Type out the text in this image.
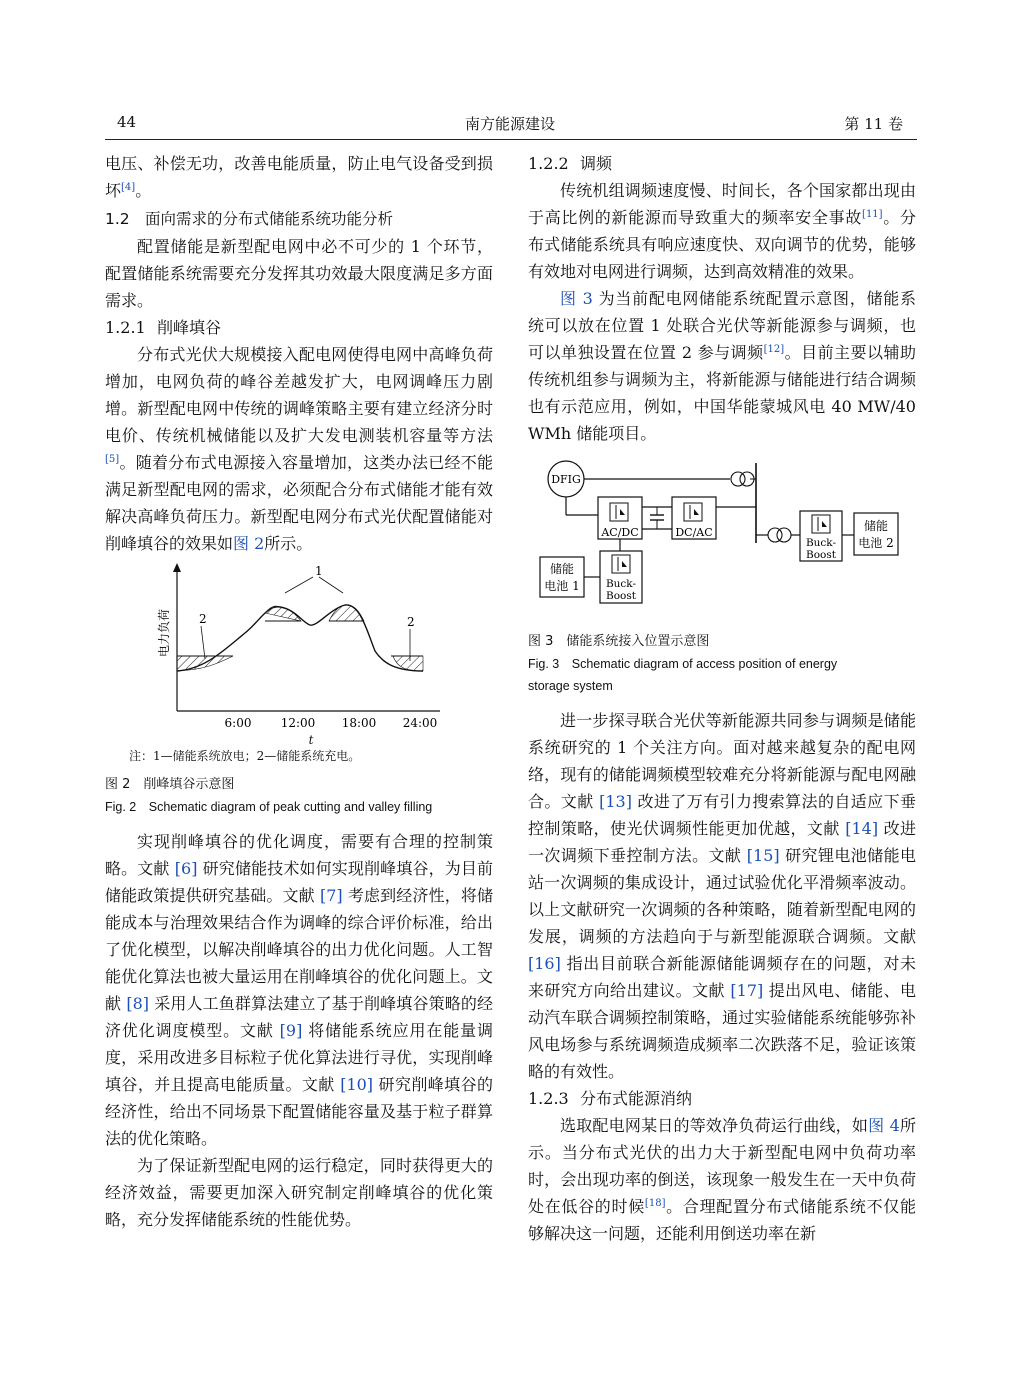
44	南方能源建设	第 11 卷

电压、补偿无功，改善电能质量，防止电气设备受到损坏[4]。

1.2 面向需求的分布式储能系统功能分析

配置储能是新型配电网中必不可少的 1 个环节，配置储能系统需要充分发挥其功效最大限度满足多方面需求。

1.2.1 削峰填谷

分布式光伏大规模接入配电网使得电网中高峰负荷增加，电网负荷的峰谷差越发扩大，电网调峰压力剧增。新型配电网中传统的调峰策略主要有建立经济分时电价、传统机械储能以及扩大发电测装机容量等方法[5]。随着分布式电源接入容量增加，这类办法已经不能满足新型配电网的需求，必须配合分布式储能才能有效解决高峰负荷压力。新型配电网分布式光伏配置储能对削峰填谷的效果如图 2所示。

1
2	2
电力负荷
6:00 12:00 18:00 24:00
t

注：1—储能系统放电；2—储能系统充电。

图 2　削峰填谷示意图

Fig. 2　Schematic diagram of peak cutting and valley filling

实现削峰填谷的优化调度，需要有合理的控制策略。文献 [6] 研究储能技术如何实现削峰填谷，为目前储能政策提供研究基础。文献 [7] 考虑到经济性，将储能成本与治理效果结合作为调峰的综合评价标准，给出了优化模型，以解决削峰填谷的出力优化问题。人工智能优化算法也被大量运用在削峰填谷的优化问题上。文献 [8] 采用人工鱼群算法建立了基于削峰填谷策略的经济优化调度模型。文献 [9] 将储能系统应用在能量调度，采用改进多目标粒子优化算法进行寻优，实现削峰填谷，并且提高电能质量。文献 [10] 研究削峰填谷的经济性，给出不同场景下配置储能容量及基于粒子群算法的优化策略。

为了保证新型配电网的运行稳定，同时获得更大的经济效益，需要更加深入研究制定削峰填谷的优化策略，充分发挥储能系统的性能优势。

1.2.2 调频

传统机组调频速度慢、时间长，各个国家都出现由于高比例的新能源而导致重大的频率安全事故[11]。分布式储能系统具有响应速度快、双向调节的优势，能够有效地对电网进行调频，达到高效精准的效果。

图 3 为当前配电网储能系统配置示意图，储能系统可以放在位置 1 处联合光伏等新能源参与调频，也可以单独设置在位置 2 参与调频[12]。目前主要以辅助传统机组参与调频为主，将新能源与储能进行结合调频也有示范应用，例如，中国华能蒙城风电 40 MW/40 WMh 储能项目。

DFIG
AC/DC	DC/AC
Buck-
Boost
储能
电池 1
Buck-
Boost
储能
电池 2

图 3　储能系统接入位置示意图

Fig. 3　Schematic diagram of access position of energy

storage system

进一步探寻联合光伏等新能源共同参与调频是储能系统研究的 1 个关注方向。面对越来越复杂的配电网络，现有的储能调频模型较难充分将新能源与配电网融合。文献 [13] 改进了万有引力搜索算法的自适应下垂控制策略，使光伏调频性能更加优越，文献 [14] 改进一次调频下垂控制方法。文献 [15] 研究锂电池储能电站一次调频的集成设计，通过试验优化平滑频率波动。以上文献研究一次调频的各种策略，随着新型配电网的发展，调频的方法趋向于与新型能源联合调频。文献 [16] 指出目前联合新能源储能调频存在的问题，对未来研究方向给出建议。文献 [17] 提出风电、储能、电动汽车联合调频控制策略，通过实验储能系统能够弥补风电场参与系统调频造成频率二次跌落不足，验证该策略的有效性。

1.2.3 分布式能源消纳

选取配电网某日的等效净负荷运行曲线，如图 4所示。当分布式光伏的出力大于新型配电网中负荷功率时，会出现功率的倒送，该现象一般发生在一天中负荷处在低谷的时候[18]。合理配置分布式储能系统不仅能够解决这一问题，还能利用倒送功率在新
